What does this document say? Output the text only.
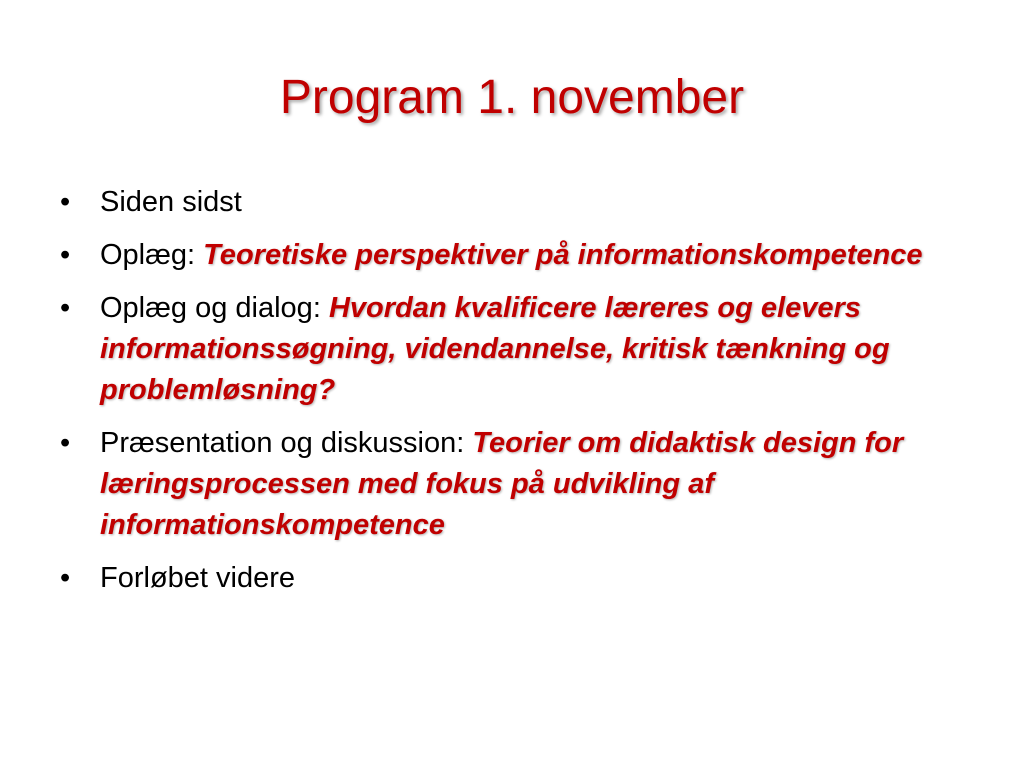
Program 1. november
• Siden sidst
• Oplæg: Teoretiske perspektiver på informationskompetence
• Oplæg og dialog: Hvordan kvalificere læreres og elevers informationssøgning, videndannelse, kritisk tænkning og problemløsning?
• Præsentation og diskussion: Teorier om didaktisk design for læringsprocessen med fokus på udvikling af informationskompetence
• Forløbet videre
